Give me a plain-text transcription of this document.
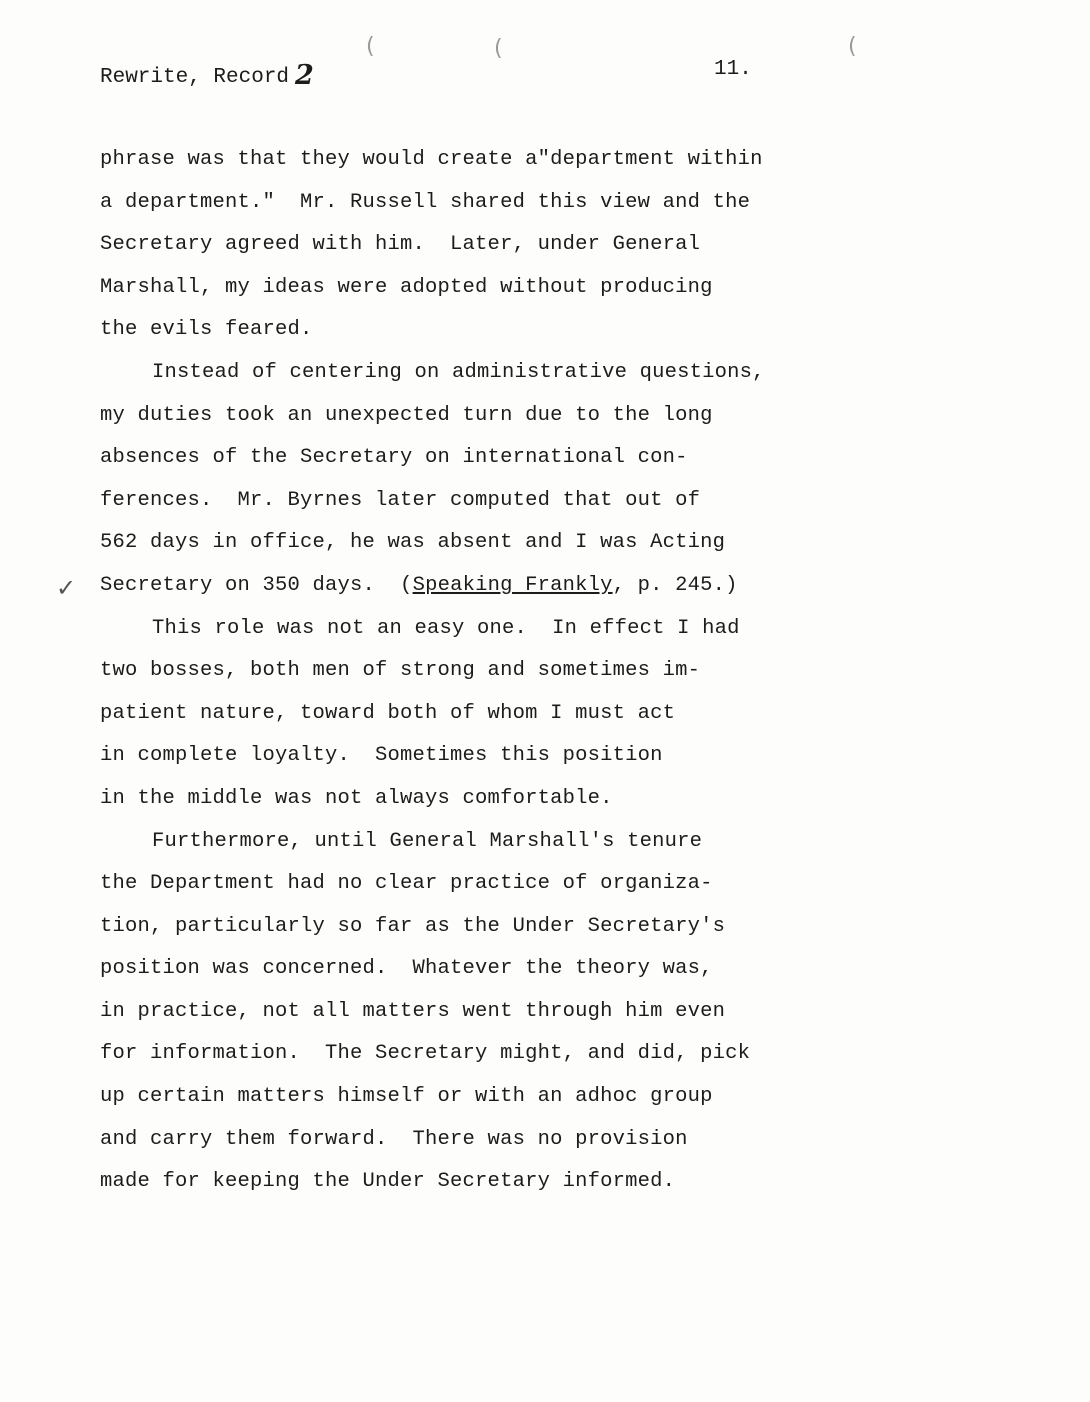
Rewrite, Record 2	11.
(	(	(
✓
phrase was that they would create a"department within
a department."  Mr. Russell shared this view and the
Secretary agreed with him.  Later, under General
Marshall, my ideas were adopted without producing
the evils feared.
Instead of centering on administrative questions,
my duties took an unexpected turn due to the long
absences of the Secretary on international con-
ferences.  Mr. Byrnes later computed that out of
562 days in office, he was absent and I was Acting
Secretary on 350 days.  (Speaking Frankly, p. 245.)
This role was not an easy one.  In effect I had
two bosses, both men of strong and sometimes im-
patient nature, toward both of whom I must act
in complete loyalty.  Sometimes this position
in the middle was not always comfortable.
Furthermore, until General Marshall's tenure
the Department had no clear practice of organiza-
tion, particularly so far as the Under Secretary's
position was concerned.  Whatever the theory was,
in practice, not all matters went through him even
for information.  The Secretary might, and did, pick
up certain matters himself or with an adhoc group
and carry them forward.  There was no provision
made for keeping the Under Secretary informed.
